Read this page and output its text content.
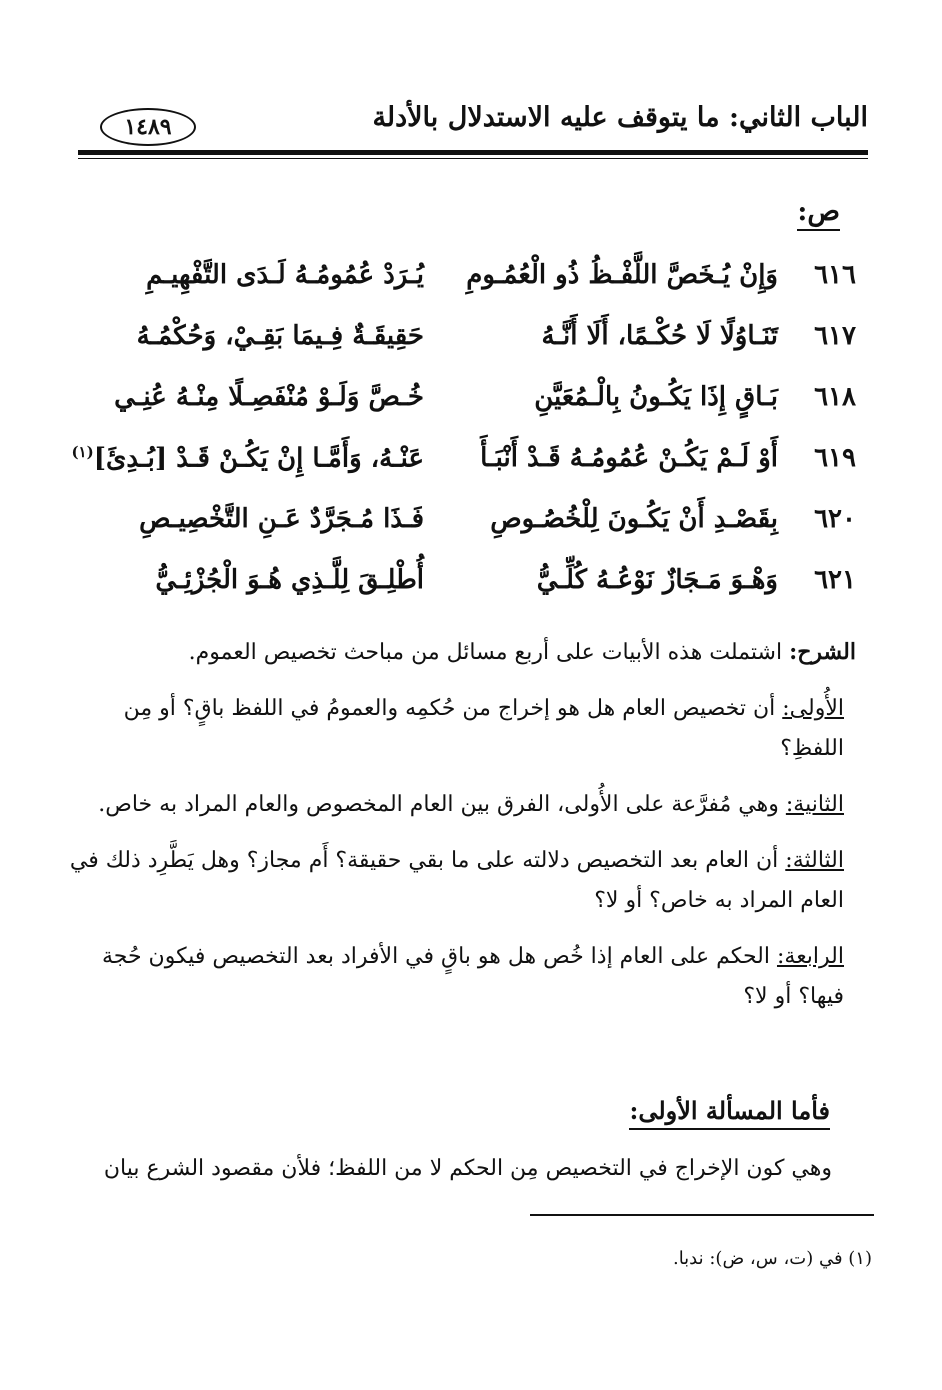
الباب الثاني: ما يتوقف عليه الاستدلال بالأدلة
١٤٨٩
ص:
٦١٦
وَإِنْ يُـخَصَّ اللَّفْـظُ ذُو الْعُمُـومِ
يُـرَدْ عُمُومُـهُ لَـدَى التَّفْهِيـمِ
٦١٧
تَنَـاوُلًا لَا حُكْـمًا، أَلَا أَنَّـهُ
حَقِيقَـةٌ فِـيمَا بَقِـيْ، وَحُكْمُـهُ
٦١٨
بَـاقٍ إِذَا يَكُـونُ بِالْـمُعَيَّنِ
خُـصَّ وَلَـوْ مُنْفَصِـلًا مِنْـهُ عُنِـي
٦١٩
أَوْ لَـمْ يَكُـنْ عُمُومُـهُ قَـدْ أَنْبَـأَ
عَنْـهُ، وَأَمَّـا إِنْ يَكُـنْ قَـدْ [بُـدِئَ]$^{(١)}$
٦٢٠
بِقَصْـدِ أَنْ يَكُـونَ لِلْخُصُـوصِ
فَـذَا مُـجَرَّدٌ عَـنِ التَّخْصِيـصِ
٦٢١
وَهْـوَ مَـجَازٌ نَوْعُـهُ كُلِّـيُّ
أُطْلِـقَ لِلَّـذِي هُـوَ الْجُزْئِـيُّ

الشرح: اشتملت هذه الأبيات على أربع مسائل من مباحث تخصيص العموم.

الأُولى: أن تخصيص العام هل هو إخراج من حُكمِه والعمومُ في اللفظ باقٍ؟ أو مِن اللفظِ؟

الثانية: وهي مُفرَّعة على الأُولى، الفرق بين العام المخصوص والعام المراد به خاص.

الثالثة: أن العام بعد التخصيص دلالته على ما بقي حقيقة؟ أَم مجاز؟ وهل يَطَّرِد ذلك في العام المراد به خاص؟ أو لا؟

الرابعة: الحكم على العام إذا خُص هل هو باقٍ في الأفراد بعد التخصيص فيكون حُجة فيها؟ أو لا؟

فأما المسألة الأولى:
وهي كون الإخراج في التخصيص مِن الحكم لا من اللفظ؛ فلأن مقصود الشرع بيان
(١) في (ت، س، ض): ندبا.
